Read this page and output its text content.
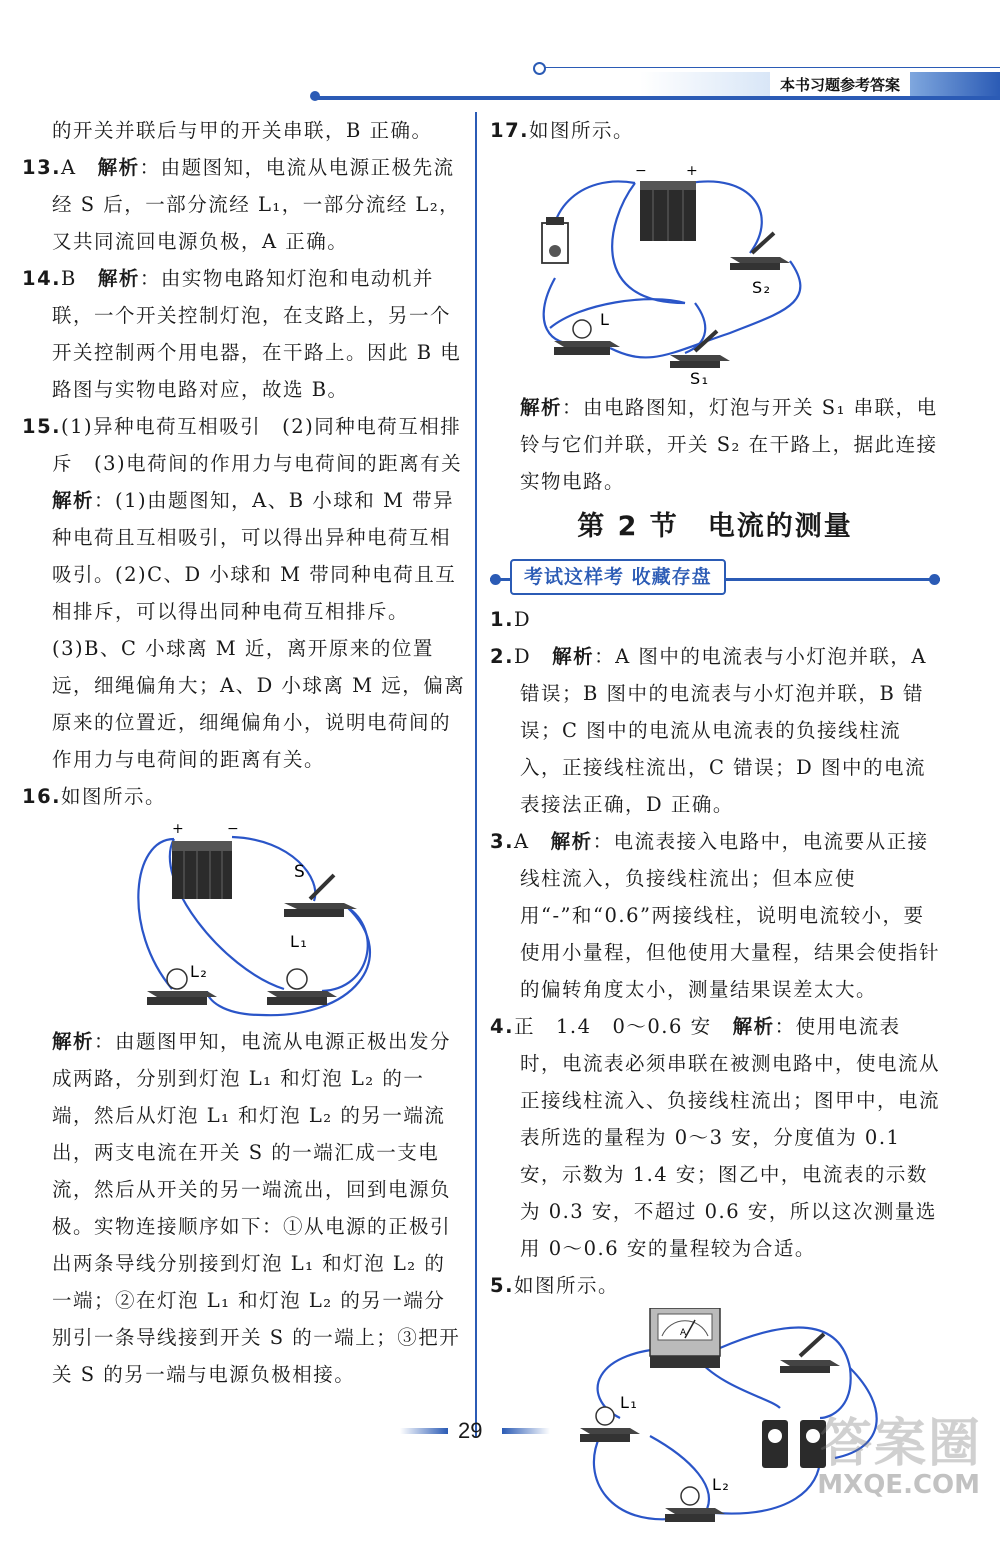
本书习题参考答案

的开关并联后与甲的开关串联，B 正确。

13.A　 解析：由题图知，电流从电源正极先流经 S 后，一部分流经 L₁，一部分流经 L₂，又共同流回电源负极，A 正确。

14.B　 解析：由实物电路知灯泡和电动机并联，一个开关控制灯泡，在支路上，另一个开关控制两个用电器，在干路上。因此 B 电路图与实物电路对应，故选 B。

15.(1)异种电荷互相吸引　(2)同种电荷互相排斥　(3)电荷间的作用力与电荷间的距离有关

解析：(1)由题图知，A、B 小球和 M 带异种电荷且互相吸引，可以得出异种电荷互相吸引。(2)C、D 小球和 M 带同种电荷且互相排斥，可以得出同种电荷互相排斥。(3)B、C 小球离 M 近，离开原来的位置远，细绳偏角大；A、D 小球离 M 远，偏离原来的位置近，细绳偏角小，说明电荷间的作用力与电荷间的距离有关。

16.如图所示。

+	−
S
L₂
L₁

解析：由题图甲知，电流从电源正极出发分成两路，分别到灯泡 L₁ 和灯泡 L₂ 的一端，然后从灯泡 L₁ 和灯泡 L₂ 的另一端流出，两支电流在开关 S 的一端汇成一支电流，然后从开关的另一端流出，回到电源负极。实物连接顺序如下：①从电源的正极引出两条导线分别接到灯泡 L₁ 和灯泡 L₂ 的一端；②在灯泡 L₁ 和灯泡 L₂ 的另一端分别引一条导线接到开关 S 的一端上；③把开关 S 的另一端与电源负极相接。

17.如图所示。

−	+
S₂
L
S₁

解析：由电路图知，灯泡与开关 S₁ 串联，电铃与它们并联，开关 S₂ 在干路上，据此连接实物电路。

第 2 节　电流的测量

考试这样考 收藏存盘

1.D

2.D　 解析：A 图中的电流表与小灯泡并联，A 错误；B 图中的电流表与小灯泡并联，B 错误；C 图中的电流从电流表的负接线柱流入，正接线柱流出，C 错误；D 图中的电流表接法正确，D 正确。

3.A　 解析：电流表接入电路中，电流要从正接线柱流入，负接线柱流出；但本应使用“-”和“0.6”两接线柱，说明电流较小，要使用小量程，但他使用大量程，结果会使指针的偏转角度太小，测量结果误差太大。

4.正　1.4　0～0.6 安　 解析：使用电流表时，电流表必须串联在被测电路中，使电流从正接线柱流入、负接线柱流出；图甲中，电流表所选的量程为 0～3 安，分度值为 0.1 安，示数为 1.4 安；图乙中，电流表的示数为 0.3 安，不超过 0.6 安，所以这次测量选用 0～0.6 安的量程较为合适。

5.如图所示。

A
L₁
L₂
29	答案圈
MXQE.COM
